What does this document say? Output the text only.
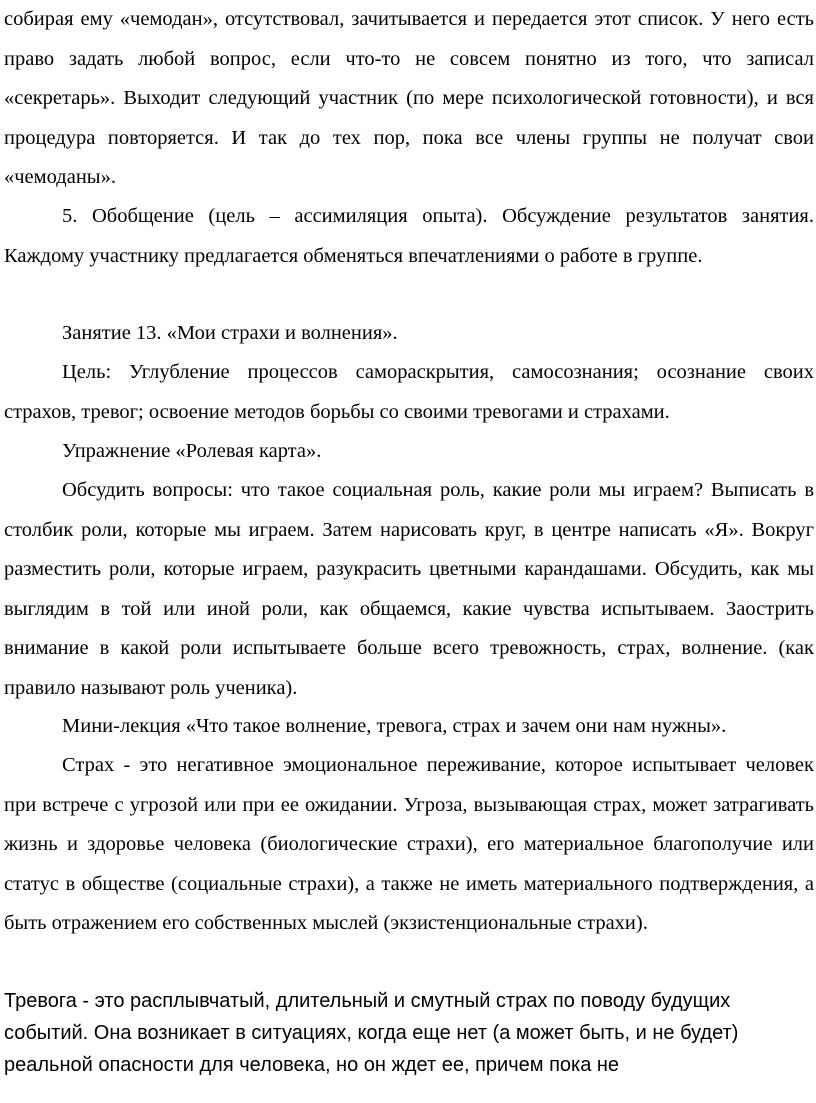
собирая ему «чемодан», отсутствовал, зачитывается и передается этот список. У него есть право задать любой вопрос, если что-то не совсем понятно из того, что записал «секретарь». Выходит следующий участник (по мере психологической готовности), и вся процедура повторяется. И так до тех пор, пока все члены группы не получат свои «чемоданы».

5. Обобщение (цель – ассимиляция опыта). Обсуждение результатов занятия. Каждому участнику предлагается обменяться впечатлениями о работе в группе.

Занятие 13. «Мои страхи и волнения».

Цель: Углубление процессов самораскрытия, самосознания; осознание своих страхов, тревог; освоение методов борьбы со своими тревогами и страхами.

Упражнение «Ролевая карта».

Обсудить вопросы: что такое социальная роль, какие роли мы играем? Выписать в столбик роли, которые мы играем. Затем нарисовать круг, в центре написать «Я». Вокруг разместить роли, которые играем, разукрасить цветными карандашами. Обсудить, как мы выглядим в той или иной роли, как общаемся, какие чувства испытываем. Заострить внимание в какой роли испытываете больше всего тревожность, страх, волнение. (как правило называют роль ученика).

Мини-лекция «Что такое волнение, тревога, страх и зачем они нам нужны».

Страх - это негативное эмоциональное переживание, которое испытывает человек при встрече с угрозой или при ее ожидании. Угроза, вызывающая страх, может затрагивать жизнь и здоровье человека (биологические страхи), его материальное благополучие или статус в обществе (социальные страхи), а также не иметь материального подтверждения, а быть отражением его собственных мыслей (экзистенциональные страхи).

Тревога - это расплывчатый, длительный и смутный страх по поводу будущих событий. Она возникает в ситуациях, когда еще нет (а может быть, и не будет) реальной опасности для человека, но он ждет ее, причем пока не
